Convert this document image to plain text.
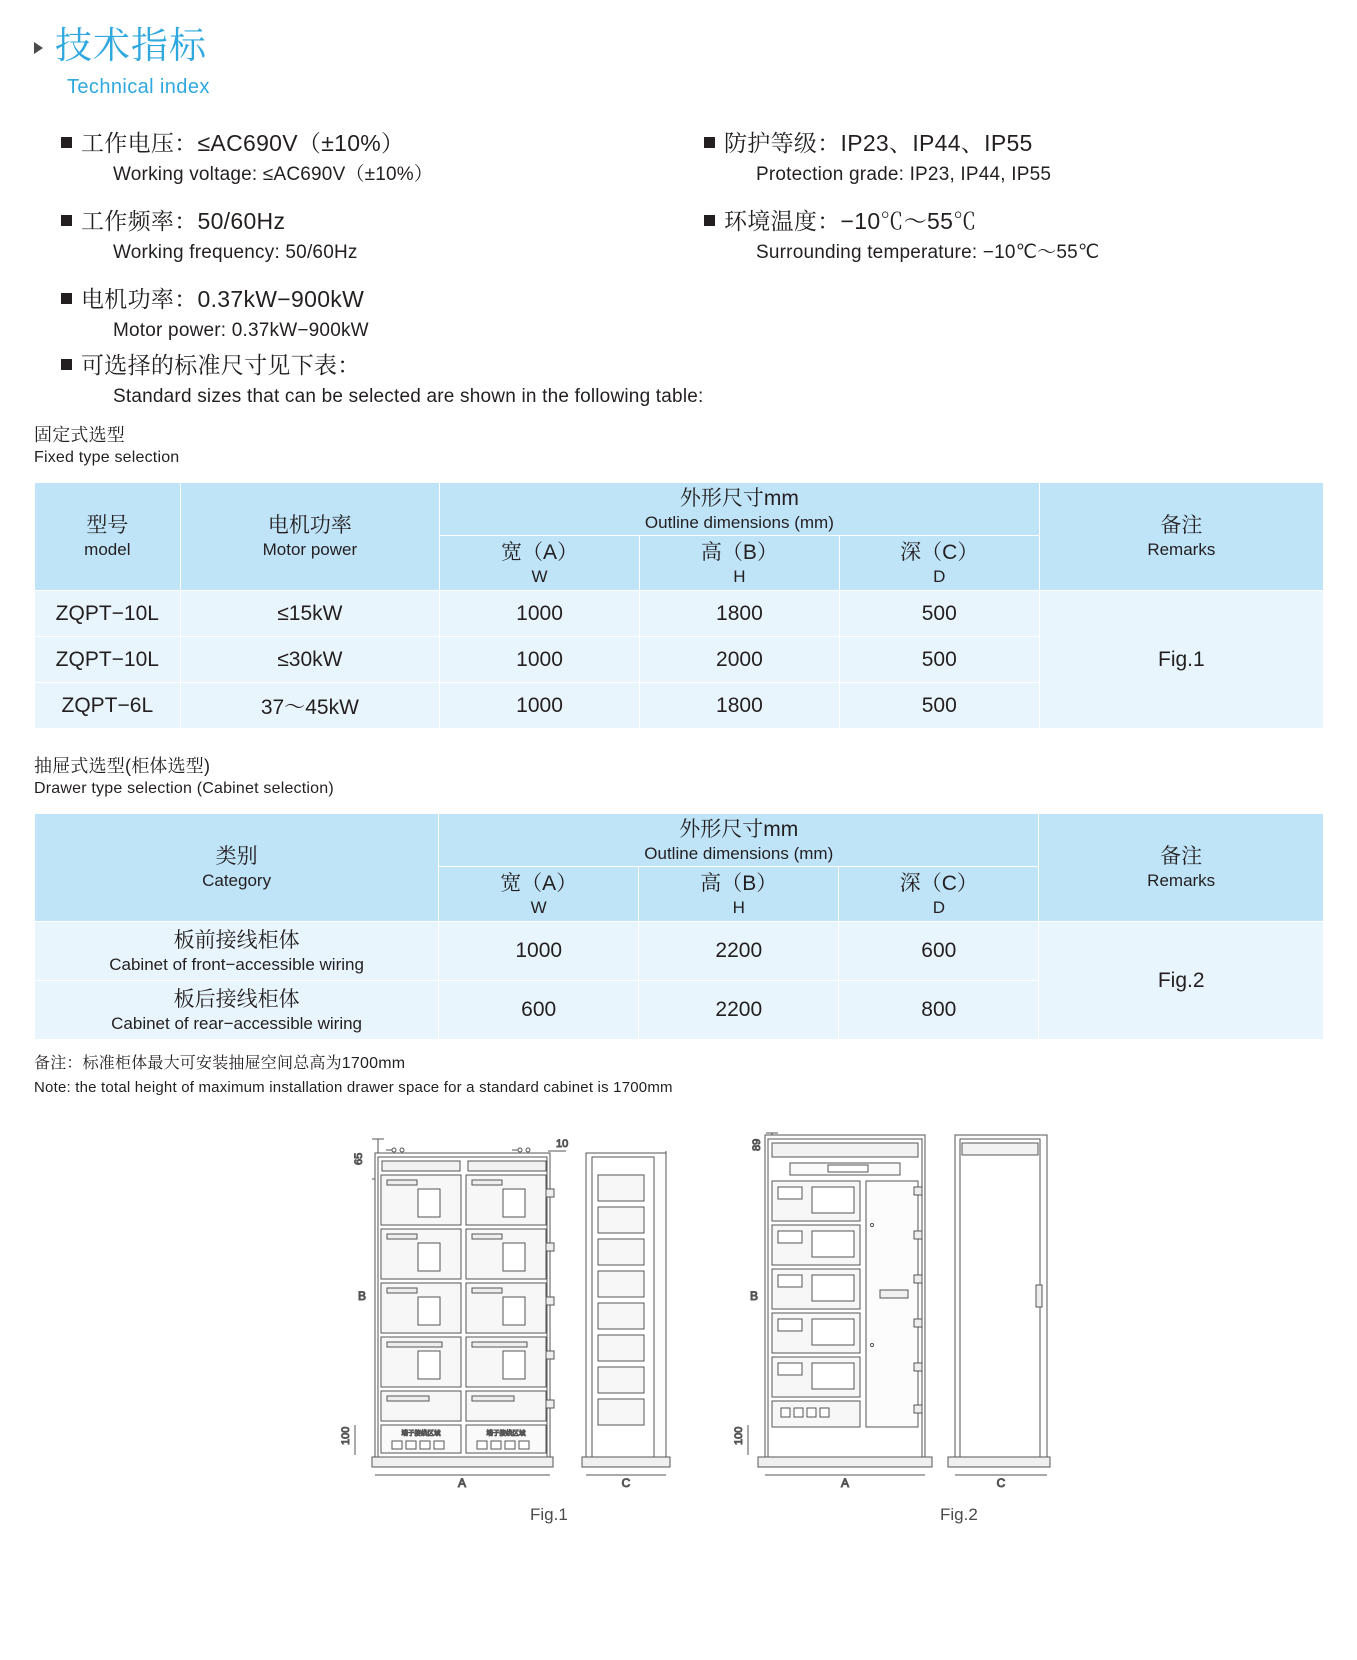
技术指标
Technical index
工作电压：≤AC690V（±10%）
Working voltage: ≤AC690V（±10%）
工作频率：50/60Hz
Working frequency: 50/60Hz
电机功率：0.37kW−900kW
Motor power: 0.37kW−900kW
防护等级：IP23、IP44、IP55
Protection grade: IP23, IP44, IP55
环境温度：−10℃～55℃
Surrounding temperature: −10℃～55℃
可选择的标准尺寸见下表：
Standard sizes that can be selected are shown in the following table:
固定式选型
Fixed type selection
型号
model

电机功率
Motor power

外形尺寸mm
Outline dimensions (mm)	备注
Remarks

宽（A）
W

高（B）
H

深（C）
D

ZQPT−10L	≤15kW	1000	1800	500	Fig.1
ZQPT−10L	≤30kW	1000	2000	500	
ZQPT−6L	37～45kW	1000	1800	500	
抽屉式选型(柜体选型)
Drawer type selection (Cabinet selection)
类别
Category

外形尺寸mm
Outline dimensions (mm)	备注
Remarks

宽（A）
W

高（B）
H

深（C）
D

板前接线柜体
Cabinet of front−accessible wiring	1000	2200	600	Fig.2

板后接线柜体
Cabinet of rear−accessible wiring	600	2200	800	
备注：标准柜体最大可安装抽屉空间总高为1700mm
Note: the total height of maximum installation drawer space for a standard cabinet is 1700mm
65
10
100
B
端子接线区域	端子接线区域
A	C
89
100
B
A	C
Fig.1	Fig.2
